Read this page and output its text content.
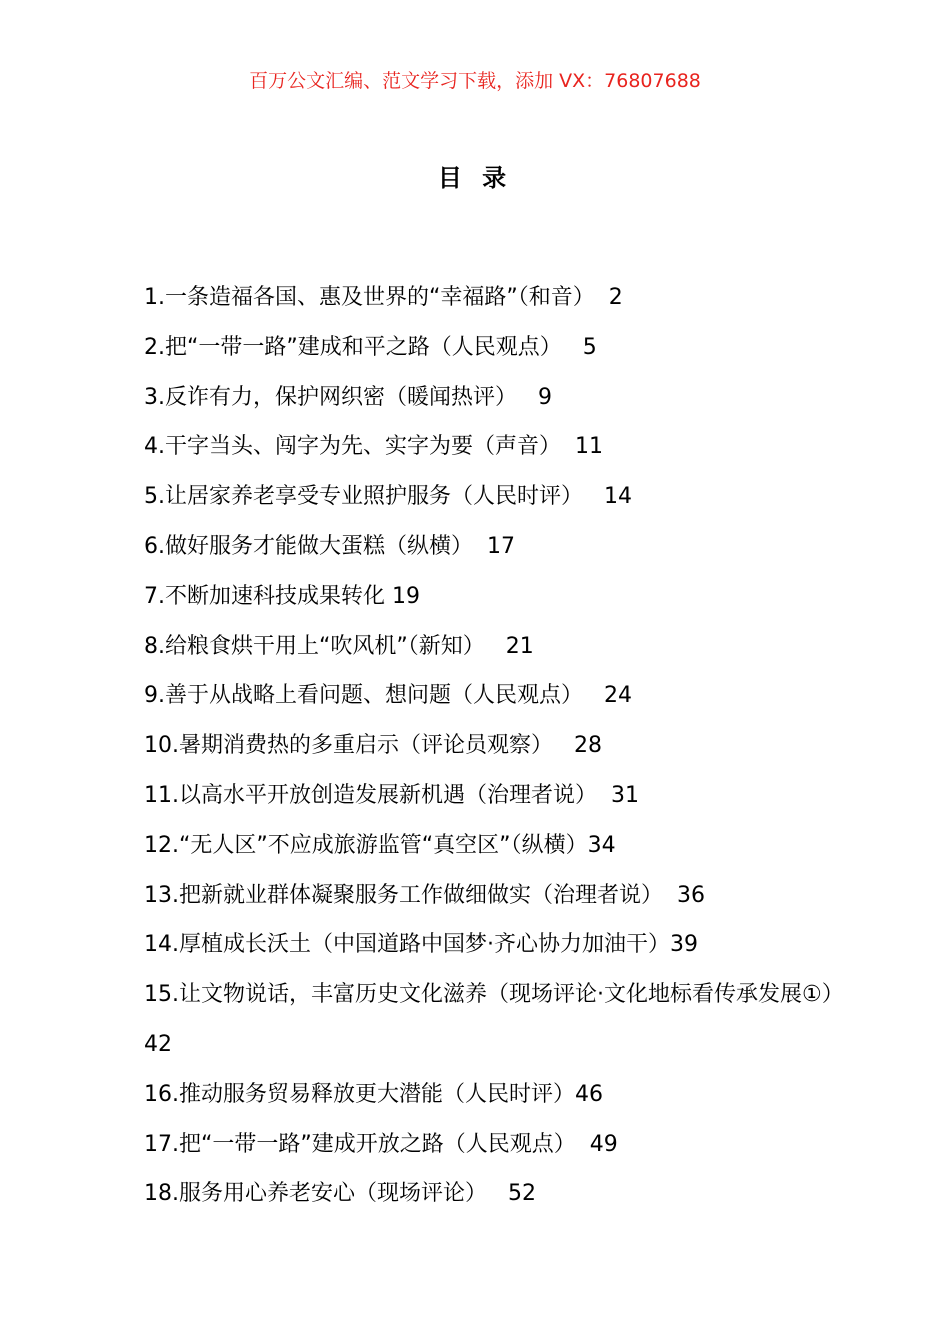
百万公文汇编、范文学习下载，添加 VX：76807688
目 录
1.一条造福各国、惠及世界的“幸福路”（和音）  2
2.把“一带一路”建成和平之路（人民观点）   5
3.反诈有力，保护网织密（暖闻热评）   9
4.干字当头、闯字为先、实字为要（声音）  11
5.让居家养老享受专业照护服务（人民时评）   14
6.做好服务才能做大蛋糕（纵横）  17
7.不断加速科技成果转化 19
8.给粮食烘干用上“吹风机”（新知）   21
9.善于从战略上看问题、想问题（人民观点）   24
10.暑期消费热的多重启示（评论员观察）   28
11.以高水平开放创造发展新机遇（治理者说）  31
12.“无人区”不应成旅游监管“真空区”（纵横）34
13.把新就业群体凝聚服务工作做细做实（治理者说）  36
14.厚植成长沃土（中国道路中国梦·齐心协力加油干）39
15.让文物说话，丰富历史文化滋养（现场评论·文化地标看传承发展①）42
16.推动服务贸易释放更大潜能（人民时评）46
17.把“一带一路”建成开放之路（人民观点）  49
18.服务用心养老安心（现场评论）   52
